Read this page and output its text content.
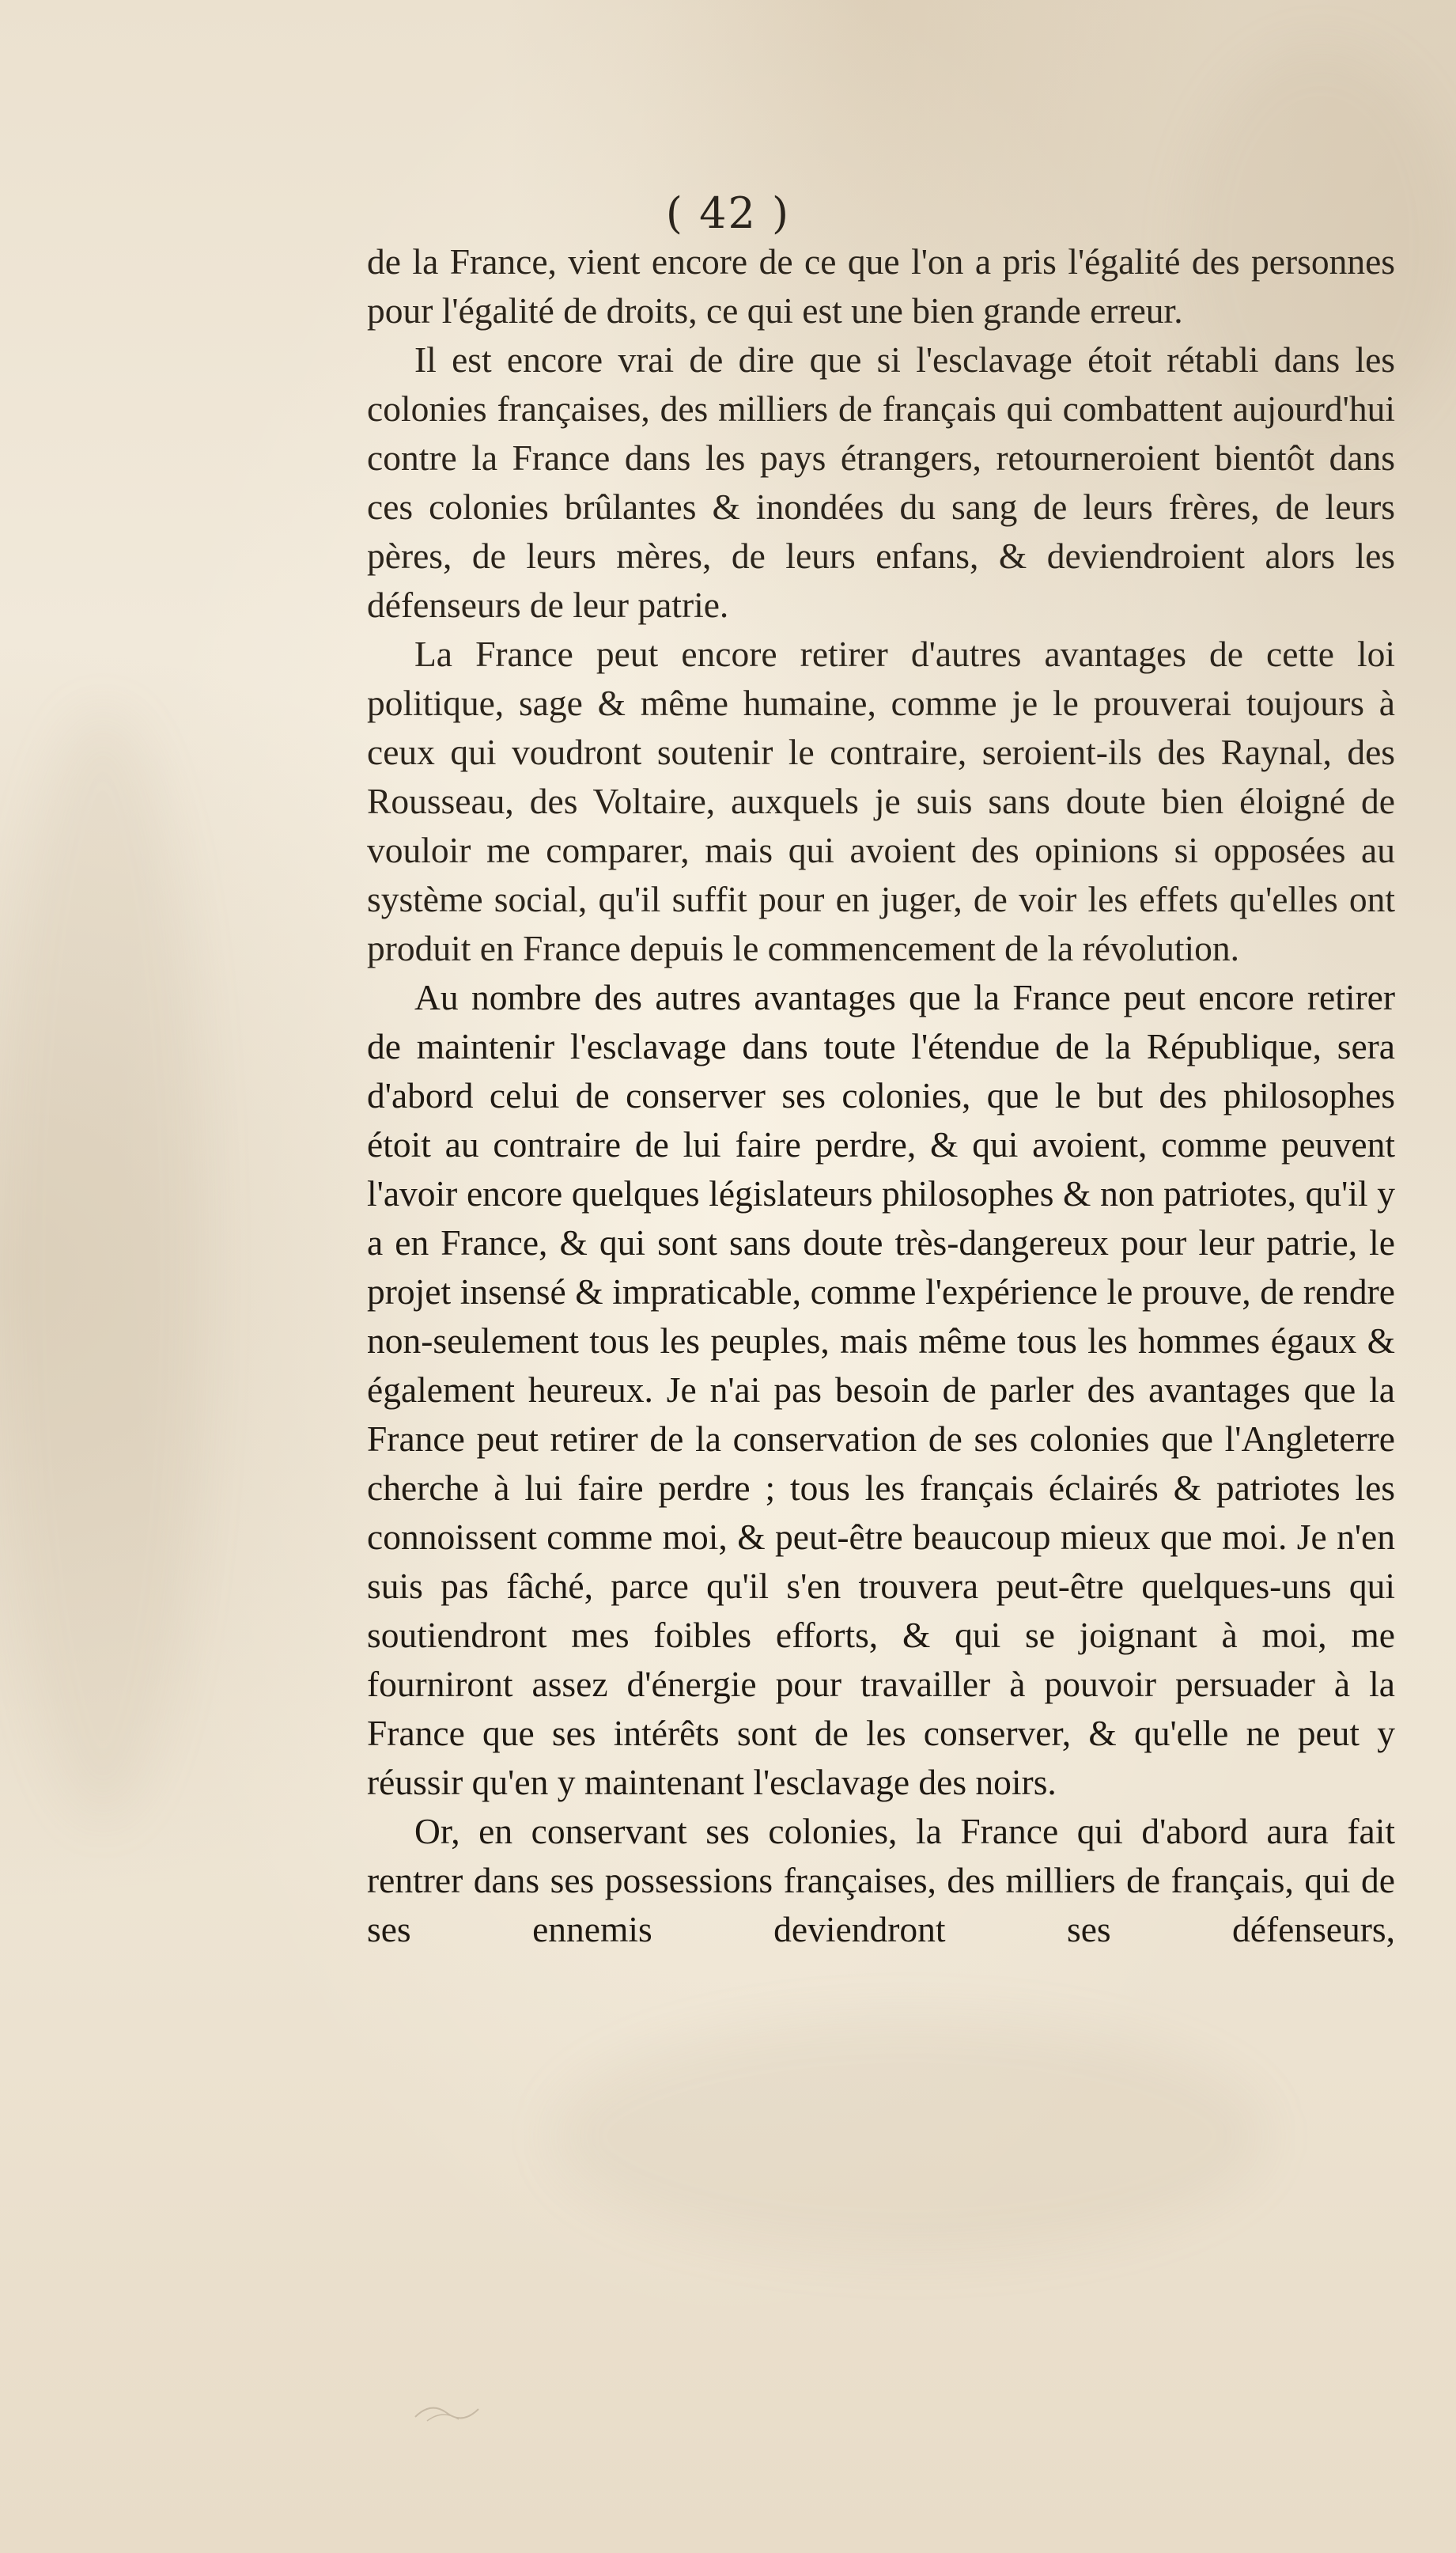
( 42 )

de la France, vient encore de ce que l'on a pris l'égalité des personnes pour l'égalité de droits, ce qui est une bien grande erreur.

Il est encore vrai de dire que si l'esclavage étoit rétabli dans les colonies françaises, des milliers de français qui combattent aujourd'hui contre la France dans les pays étrangers, retourneroient bientôt dans ces colonies brûlantes & inondées du sang de leurs frères, de leurs pères, de leurs mères, de leurs enfans, & deviendroient alors les défenseurs de leur patrie.

La France peut encore retirer d'autres avantages de cette loi politique, sage & même humaine, comme je le prouverai toujours à ceux qui voudront soutenir le contraire, seroient-ils des Raynal, des Rousseau, des Voltaire, auxquels je suis sans doute bien éloigné de vouloir me comparer, mais qui avoient des opinions si opposées au système social, qu'il suffit pour en juger, de voir les effets qu'elles ont produit en France depuis le commencement de la révolution.

Au nombre des autres avantages que la France peut encore retirer de maintenir l'esclavage dans toute l'étendue de la République, sera d'abord celui de conserver ses colonies, que le but des philosophes étoit au contraire de lui faire perdre, & qui avoient, comme peuvent l'avoir encore quelques législateurs philosophes & non patriotes, qu'il y a en France, & qui sont sans doute très-dangereux pour leur patrie, le projet insensé & impraticable, comme l'expérience le prouve, de rendre non-seulement tous les peuples, mais même tous les hommes égaux & également heureux. Je n'ai pas besoin de parler des avantages que la France peut retirer de la conservation de ses colonies que l'Angleterre cherche à lui faire perdre ; tous les français éclairés & patriotes les connoissent comme moi, & peut-être beaucoup mieux que moi. Je n'en suis pas fâché, parce qu'il s'en trouvera peut-être quelques-uns qui soutiendront mes foibles efforts, & qui se joignant à moi, me fourniront assez d'énergie pour travailler à pouvoir persuader à la France que ses intérêts sont de les conserver, & qu'elle ne peut y réussir qu'en y maintenant l'esclavage des noirs.

Or, en conservant ses colonies, la France qui d'abord aura fait rentrer dans ses possessions françaises, des milliers de français, qui de ses ennemis deviendront ses défenseurs,
